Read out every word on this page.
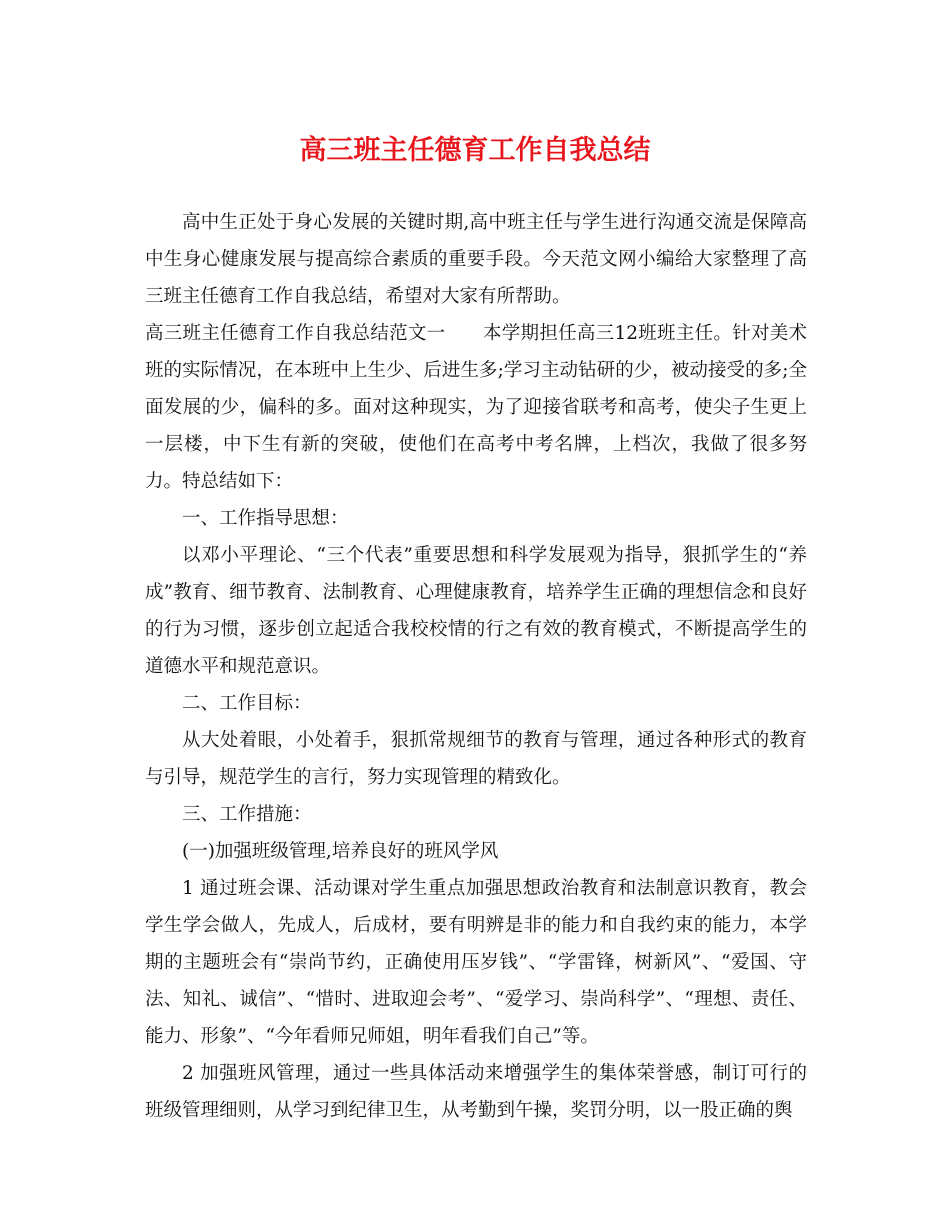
高三班主任德育工作自我总结

高中生正处于身心发展的关键时期,高中班主任与学生进行沟通交流是保障高中生身心健康发展与提高综合素质的重要手段。今天范文网小编给大家整理了高三班主任德育工作自我总结，希望对大家有所帮助。

高三班主任德育工作自我总结范文一　　本学期担任高三12班班主任。针对美术班的实际情况，在本班中上生少、后进生多;学习主动钻研的少，被动接受的多;全面发展的少，偏科的多。面对这种现实，为了迎接省联考和高考，使尖子生更上一层楼，中下生有新的突破，使他们在高考中考名牌，上档次，我做了很多努力。特总结如下：

一、工作指导思想：

以邓小平理论、“三个代表”重要思想和科学发展观为指导，狠抓学生的“养成”教育、细节教育、法制教育、心理健康教育，培养学生正确的理想信念和良好的行为习惯，逐步创立起适合我校校情的行之有效的教育模式，不断提高学生的道德水平和规范意识。

二、工作目标：

从大处着眼，小处着手，狠抓常规细节的教育与管理，通过各种形式的教育与引导，规范学生的言行，努力实现管理的精致化。

三、工作措施：

(一)加强班级管理,培养良好的班风学风

1 通过班会课、活动课对学生重点加强思想政治教育和法制意识教育，教会学生学会做人，先成人，后成材，要有明辨是非的能力和自我约束的能力，本学期的主题班会有“崇尚节约，正确使用压岁钱”、“学雷锋，树新风”、“爱国、守法、知礼、诚信”、“惜时、进取迎会考”、“爱学习、崇尚科学”、“理想、责任、能力、形象”、“今年看师兄师姐，明年看我们自己”等。

2 加强班风管理，通过一些具体活动来增强学生的集体荣誉感，制订可行的班级管理细则，从学习到纪律卫生，从考勤到午操，奖罚分明，以一股正确的舆
